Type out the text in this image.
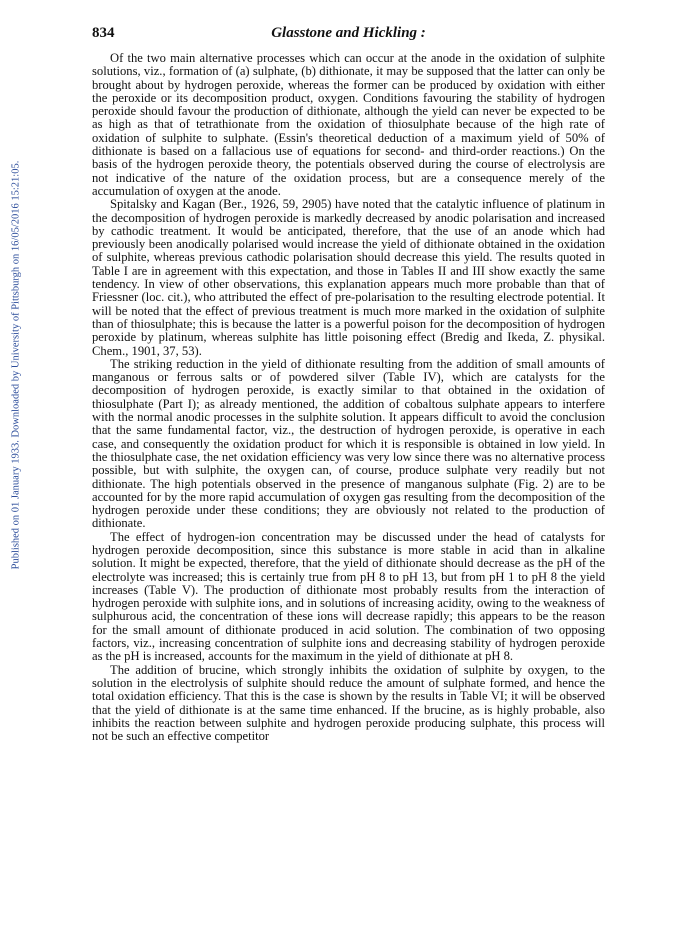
Published on 01 January 1933. Downloaded by University of Pittsburgh on 16/05/2016 15:21:05.
834	Glasstone and Hickling :

Of the two main alternative processes which can occur at the anode in the oxidation of sulphite solutions, viz., formation of (a) sulphate, (b) dithionate, it may be supposed that the latter can only be brought about by hydrogen peroxide, whereas the former can be produced by oxidation with either the peroxide or its decomposition product, oxygen. Conditions favouring the stability of hydrogen peroxide should favour the production of dithionate, although the yield can never be expected to be as high as that of tetrathionate from the oxidation of thiosulphate because of the high rate of oxidation of sulphite to sulphate. (Essin's theoretical deduction of a maximum yield of 50% of dithionate is based on a fallacious use of equations for second- and third-order reactions.) On the basis of the hydrogen peroxide theory, the potentials observed during the course of electrolysis are not indicative of the nature of the oxidation process, but are a consequence merely of the accumulation of oxygen at the anode.

Spitalsky and Kagan (Ber., 1926, 59, 2905) have noted that the catalytic influence of platinum in the decomposition of hydrogen peroxide is markedly decreased by anodic polarisation and increased by cathodic treatment. It would be anticipated, therefore, that the use of an anode which had previously been anodically polarised would increase the yield of dithionate obtained in the oxidation of sulphite, whereas previous cathodic polarisation should decrease this yield. The results quoted in Table I are in agreement with this expectation, and those in Tables II and III show exactly the same tendency. In view of other observations, this explanation appears much more probable than that of Friessner (loc. cit.), who attributed the effect of pre-polarisation to the resulting electrode potential. It will be noted that the effect of previous treatment is much more marked in the oxidation of sulphite than of thiosulphate; this is because the latter is a powerful poison for the decomposition of hydrogen peroxide by platinum, whereas sulphite has little poisoning effect (Bredig and Ikeda, Z. physikal. Chem., 1901, 37, 53).

The striking reduction in the yield of dithionate resulting from the addition of small amounts of manganous or ferrous salts or of powdered silver (Table IV), which are catalysts for the decomposition of hydrogen peroxide, is exactly similar to that obtained in the oxidation of thiosulphate (Part I); as already mentioned, the addition of cobaltous sulphate appears to interfere with the normal anodic processes in the sulphite solution. It appears difficult to avoid the conclusion that the same fundamental factor, viz., the destruction of hydrogen peroxide, is operative in each case, and consequently the oxidation product for which it is responsible is obtained in low yield. In the thiosulphate case, the net oxidation efficiency was very low since there was no alternative process possible, but with sulphite, the oxygen can, of course, produce sulphate very readily but not dithionate. The high potentials observed in the presence of manganous sulphate (Fig. 2) are to be accounted for by the more rapid accumulation of oxygen gas resulting from the decomposition of the hydrogen peroxide under these conditions; they are obviously not related to the production of dithionate.

The effect of hydrogen-ion concentration may be discussed under the head of catalysts for hydrogen peroxide decomposition, since this substance is more stable in acid than in alkaline solution. It might be expected, therefore, that the yield of dithionate should decrease as the pH of the electrolyte was increased; this is certainly true from pH 8 to pH 13, but from pH 1 to pH 8 the yield increases (Table V). The production of dithionate most probably results from the interaction of hydrogen peroxide with sulphite ions, and in solutions of increasing acidity, owing to the weakness of sulphurous acid, the concentration of these ions will decrease rapidly; this appears to be the reason for the small amount of dithionate produced in acid solution. The combination of two opposing factors, viz., increasing concentration of sulphite ions and decreasing stability of hydrogen peroxide as the pH is increased, accounts for the maximum in the yield of dithionate at pH 8.

The addition of brucine, which strongly inhibits the oxidation of sulphite by oxygen, to the solution in the electrolysis of sulphite should reduce the amount of sulphate formed, and hence the total oxidation efficiency. That this is the case is shown by the results in Table VI; it will be observed that the yield of dithionate is at the same time enhanced. If the brucine, as is highly probable, also inhibits the reaction between sulphite and hydrogen peroxide producing sulphate, this process will not be such an effective competitor
